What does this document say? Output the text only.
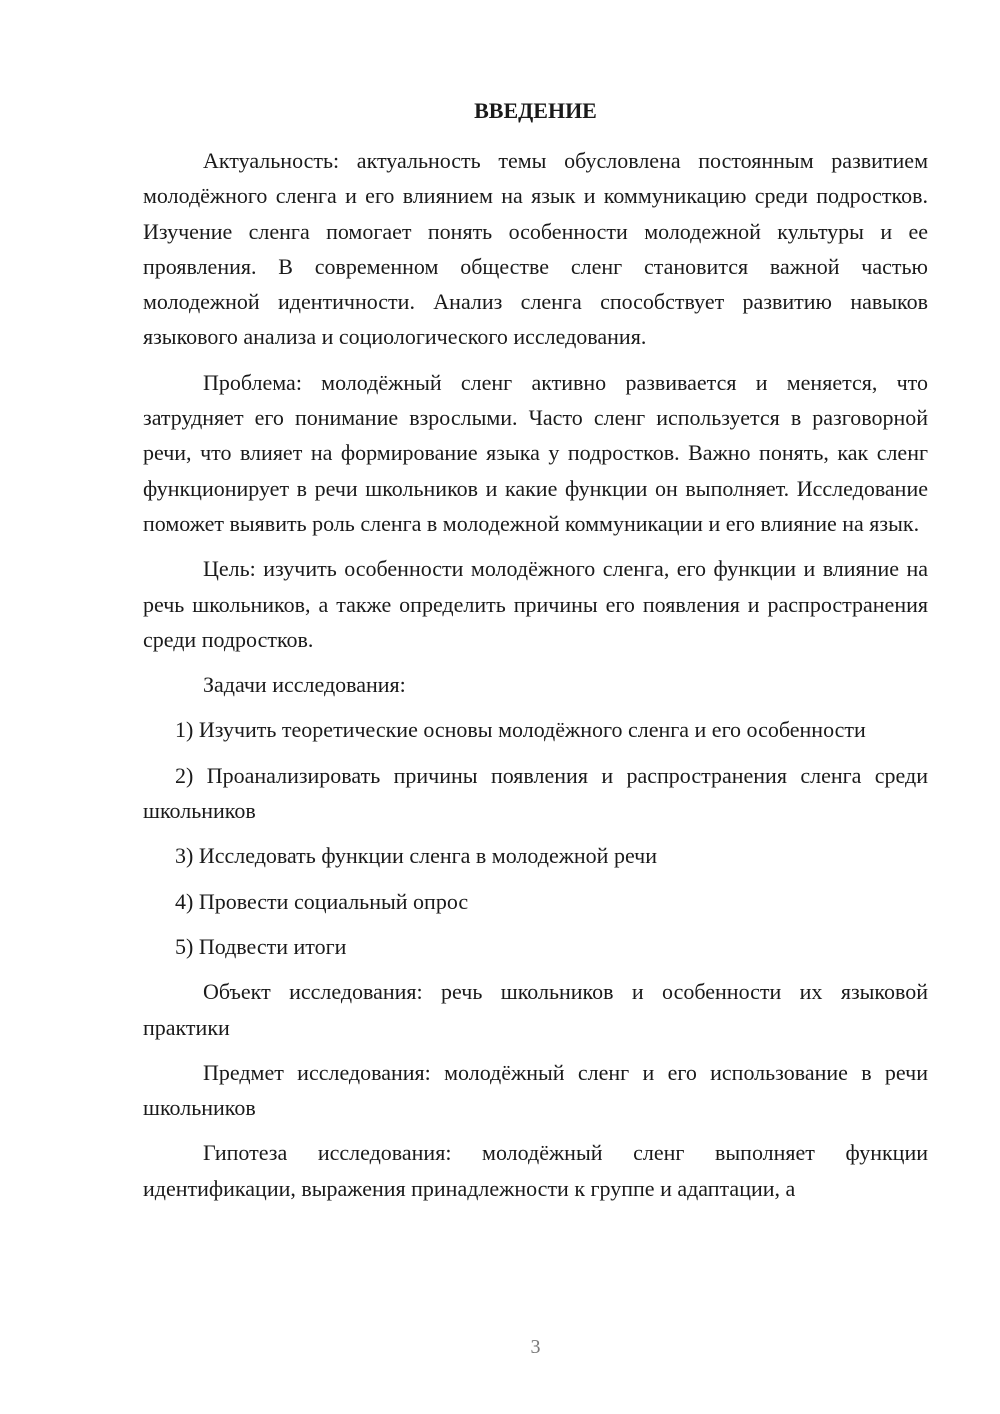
ВВЕДЕНИЕ

Актуальность: актуальность темы обусловлена постоянным развитием молодёжного сленга и его влиянием на язык и коммуникацию среди подростков. Изучение сленга помогает понять особенности молодежной культуры и ее проявления. В современном обществе сленг становится важной частью молодежной идентичности. Анализ сленга способствует развитию навыков языкового анализа и социологического исследования.

Проблема: молодёжный сленг активно развивается и меняется, что затрудняет его понимание взрослыми. Часто сленг используется в разговорной речи, что влияет на формирование языка у подростков. Важно понять, как сленг функционирует в речи школьников и какие функции он выполняет. Исследование поможет выявить роль сленга в молодежной коммуникации и его влияние на язык.

Цель: изучить особенности молодёжного сленга, его функции и влияние на речь школьников, а также определить причины его появления и распространения среди подростков.

Задачи исследования:

1) Изучить теоретические основы молодёжного сленга и его особенности

2) Проанализировать причины появления и распространения сленга среди школьников

3) Исследовать функции сленга в молодежной речи

4) Провести социальный опрос

5) Подвести итоги

Объект исследования: речь школьников и особенности их языковой практики

Предмет исследования: молодёжный сленг и его использование в речи школьников

Гипотеза исследования: молодёжный сленг выполняет функции идентификации, выражения принадлежности к группе и адаптации, а

3
